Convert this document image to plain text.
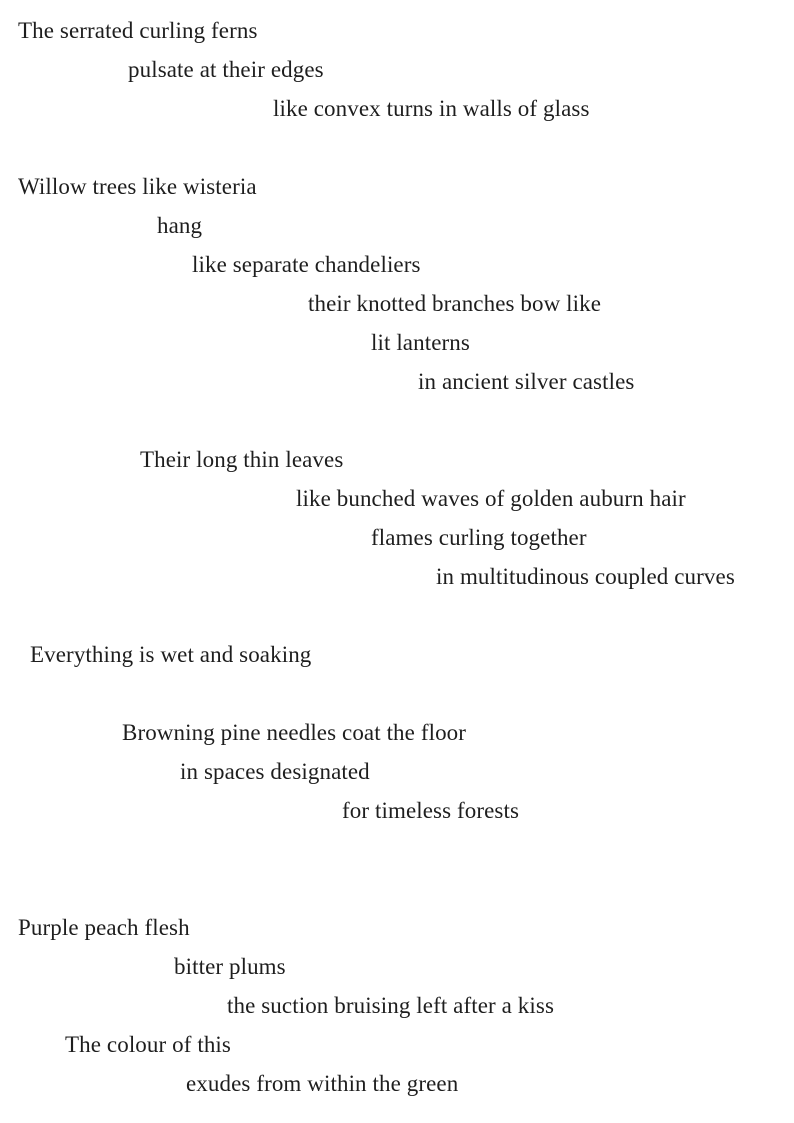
The serrated curling ferns
pulsate at their edges
like convex turns in walls of glass
Willow trees like wisteria
hang
like separate chandeliers
their knotted branches bow like
lit lanterns
in ancient silver castles
Their long thin leaves
like bunched waves of golden auburn hair
flames curling together
in multitudinous coupled curves
Everything is wet and soaking
Browning pine needles coat the floor
in spaces designated
for timeless forests
Purple peach flesh
bitter plums
the suction bruising left after a kiss
The colour of this
exudes from within the green
